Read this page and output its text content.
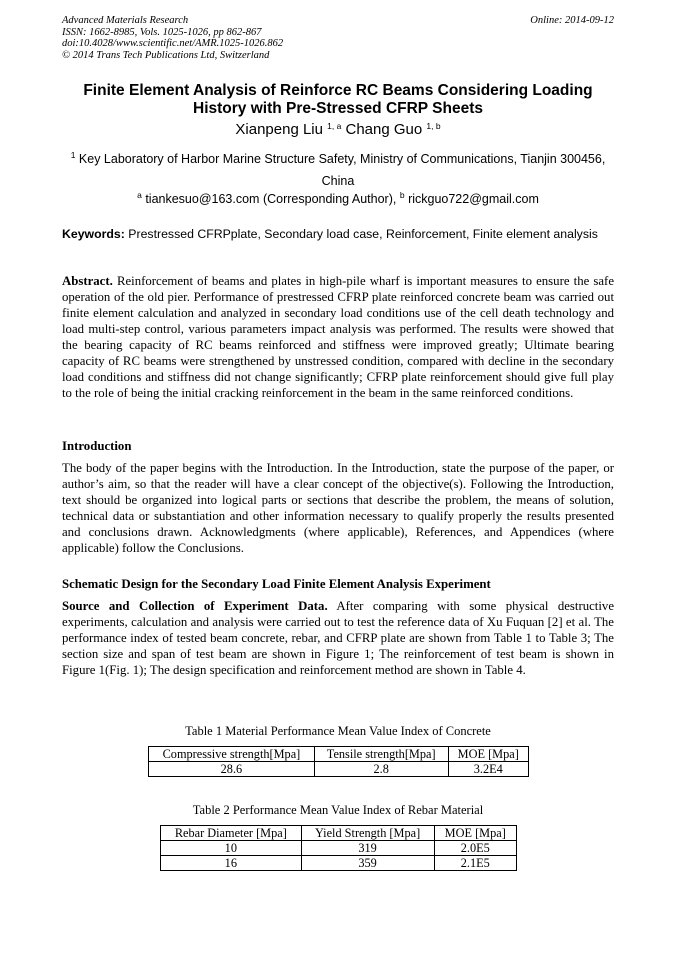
Advanced Materials Research
ISSN: 1662-8985, Vols. 1025-1026, pp 862-867
doi:10.4028/www.scientific.net/AMR.1025-1026.862
© 2014 Trans Tech Publications Ltd, Switzerland
Online: 2014-09-12
Finite Element Analysis of Reinforce RC Beams Considering Loading History with Pre-Stressed CFRP Sheets
Xianpeng Liu $^{1, a}$ Chang Guo $^{1, b}$
$^1$ Key Laboratory of Harbor Marine Structure Safety, Ministry of Communications, Tianjin 300456, China
$^a$ tiankesuo@163.com (Corresponding Author), $^b$ rickguo722@gmail.com
Keywords: Prestressed CFRPplate, Secondary load case, Reinforcement, Finite element analysis

Abstract. Reinforcement of beams and plates in high-pile wharf is important measures to ensure the safe operation of the old pier. Performance of prestressed CFRP plate reinforced concrete beam was carried out finite element calculation and analyzed in secondary load conditions use of the cell death technology and load multi-step control, various parameters impact analysis was performed. The results were showed that the bearing capacity of RC beams reinforced and stiffness were improved greatly; Ultimate bearing capacity of RC beams were strengthened by unstressed condition, compared with decline in the secondary load conditions and stiffness did not change significantly; CFRP plate reinforcement should give full play to the role of being the initial cracking reinforcement in the beam in the same reinforced conditions.

Introduction

The body of the paper begins with the Introduction. In the Introduction, state the purpose of the paper, or author’s aim, so that the reader will have a clear concept of the objective(s). Following the Introduction, text should be organized into logical parts or sections that describe the problem, the means of solution, technical data or substantiation and other information necessary to qualify properly the results presented and conclusions drawn. Acknowledgments (where applicable), References, and Appendices (where applicable) follow the Conclusions.

Schematic Design for the Secondary Load Finite Element Analysis Experiment

Source and Collection of Experiment Data. After comparing with some physical destructive experiments, calculation and analysis were carried out to test the reference data of Xu Fuquan [2] et al. The performance index of tested beam concrete, rebar, and CFRP plate are shown from Table 1 to Table 3; The section size and span of test beam are shown in Figure 1; The reinforcement of test beam is shown in Figure 1(Fig. 1); The design specification and reinforcement method are shown in Table 4.

Table 1 Material Performance Mean Value Index of Concrete
Compressive strength[Mpa]	Tensile strength[Mpa]	MOE [Mpa]
28.6	2.8	3.2E4
Table 2 Performance Mean Value Index of Rebar Material
Rebar Diameter [Mpa]	Yield Strength [Mpa]	MOE [Mpa]
10	319	2.0E5
16	359	2.1E5
